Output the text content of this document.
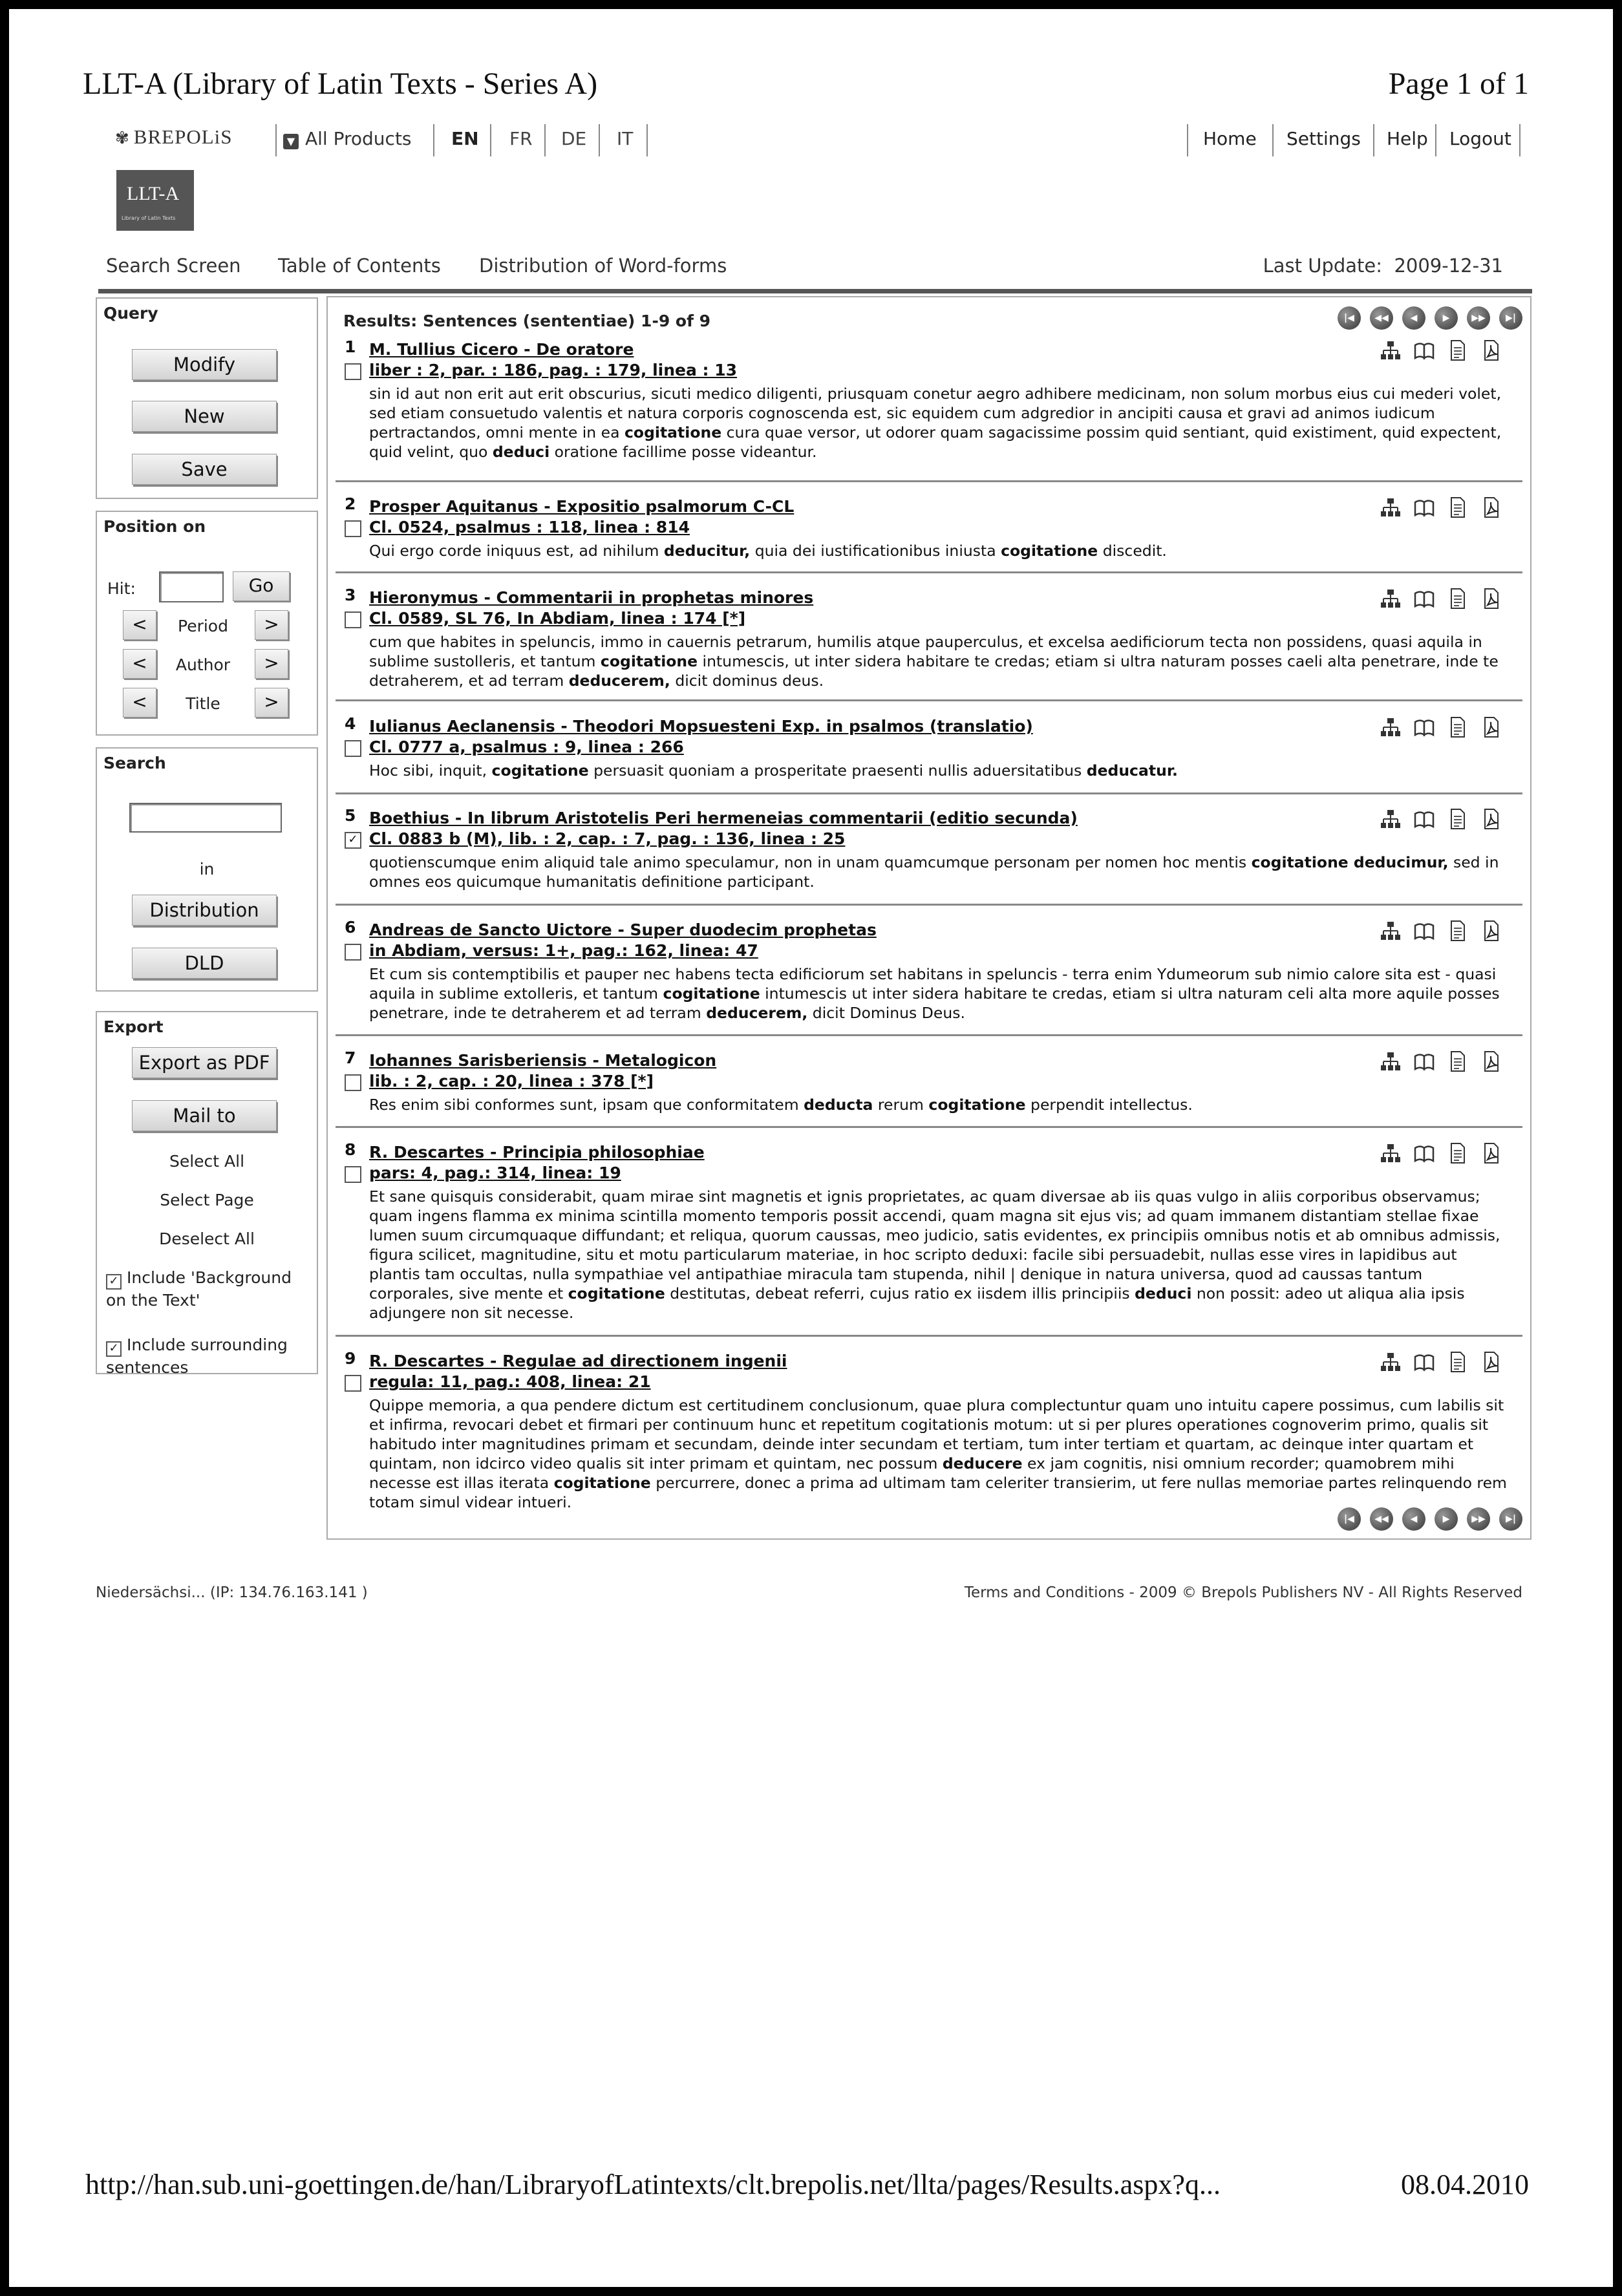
LLT-A (Library of Latin Texts - Series A)	Page 1 of 1
✾ BREPOLiS	▼ All Products EN FR DE IT	Home Settings Help Logout
LLT-A
Library of Latin Texts
Search Screen Table of Contents Distribution of Word-forms	Last Update: 2009-12-31
Query
Modify
New
Save
Position on
Hit:	Go
<	Period	>
<	Author	>
<	Title	>
Search
in
Distribution
DLD
Export
Export as PDF
Mail to
Select All
Select Page
Deselect All
✓ Include 'Background on the Text'
✓ Include surrounding sentences
Results: Sentences (sententiae) 1-9 of 9	|◀	◀◀	◀	▶	▶▶	▶|
1 M. Tullius Cicero - De oratore
liber : 2, par. : 186, pag. : 179, linea : 13
sin id aut non erit aut erit obscurius, sicuti medico diligenti, priusquam conetur aegro adhibere medicinam, non solum morbus eius cui mederi volet, sed etiam consuetudo valentis et natura corporis cognoscenda est, sic equidem cum adgredior in ancipiti causa et gravi ad animos iudicum pertractandos, omni mente in ea cogitatione cura quae versor, ut odorer quam sagacissime possim quid sentiant, quid existiment, quid expectent, quid velint, quo deduci oratione facillime posse videantur.
2 Prosper Aquitanus - Expositio psalmorum C-CL
Cl. 0524, psalmus : 118, linea : 814
Qui ergo corde iniquus est, ad nihilum deducitur, quia dei iustificationibus iniusta cogitatione discedit.
3 Hieronymus - Commentarii in prophetas minores
Cl. 0589, SL 76, In Abdiam, linea : 174 [*]
cum que habites in speluncis, immo in cauernis petrarum, humilis atque pauperculus, et excelsa aedificiorum tecta non possidens, quasi aquila in sublime sustolleris, et tantum cogitatione intumescis, ut inter sidera habitare te credas; etiam si ultra naturam posses caeli alta penetrare, inde te detraherem, et ad terram deducerem, dicit dominus deus.
4 Iulianus Aeclanensis - Theodori Mopsuesteni Exp. in psalmos (translatio)
Cl. 0777 a, psalmus : 9, linea : 266
Hoc sibi, inquit, cogitatione persuasit quoniam a prosperitate praesenti nullis aduersitatibus deducatur.
5 Boethius - In librum Aristotelis Peri hermeneias commentarii (editio secunda)
✓ Cl. 0883 b (M), lib. : 2, cap. : 7, pag. : 136, linea : 25
quotienscumque enim aliquid tale animo speculamur, non in unam quamcumque personam per nomen hoc mentis cogitatione deducimur, sed in omnes eos quicumque humanitatis definitione participant.
6 Andreas de Sancto Uictore - Super duodecim prophetas
in Abdiam, versus: 1+, pag.: 162, linea: 47
Et cum sis contemptibilis et pauper nec habens tecta edificiorum set habitans in speluncis - terra enim Ydumeorum sub nimio calore sita est - quasi aquila in sublime extolleris, et tantum cogitatione intumescis ut inter sidera habitare te credas, etiam si ultra naturam celi alta more aquile posses penetrare, inde te detraherem et ad terram deducerem, dicit Dominus Deus.
7 Iohannes Sarisberiensis - Metalogicon
lib. : 2, cap. : 20, linea : 378 [*]
Res enim sibi conformes sunt, ipsam que conformitatem deducta rerum cogitatione perpendit intellectus.
8 R. Descartes - Principia philosophiae
pars: 4, pag.: 314, linea: 19
Et sane quisquis considerabit, quam mirae sint magnetis et ignis proprietates, ac quam diversae ab iis quas vulgo in aliis corporibus observamus; quam ingens flamma ex minima scintilla momento temporis possit accendi, quam magna sit ejus vis; ad quam immanem distantiam stellae fixae lumen suum circumquaque diffundant; et reliqua, quorum caussas, meo judicio, satis evidentes, ex principiis omnibus notis et ab omnibus admissis, figura scilicet, magnitudine, situ et motu particularum materiae, in hoc scripto deduxi: facile sibi persuadebit, nullas esse vires in lapidibus aut plantis tam occultas, nulla sympathiae vel antipathiae miracula tam stupenda, nihil | denique in natura universa, quod ad caussas tantum corporales, sive mente et cogitatione destitutas, debeat referri, cujus ratio ex iisdem illis principiis deduci non possit: adeo ut aliqua alia ipsis adjungere non sit necesse.
9 R. Descartes - Regulae ad directionem ingenii
regula: 11, pag.: 408, linea: 21
Quippe memoria, a qua pendere dictum est certitudinem conclusionum, quae plura complectuntur quam uno intuitu capere possimus, cum labilis sit et infirma, revocari debet et firmari per continuum hunc et repetitum cogitationis motum: ut si per plures operationes cognoverim primo, qualis sit habitudo inter magnitudines primam et secundam, deinde inter secundam et tertiam, tum inter tertiam et quartam, ac deinque inter quartam et quintam, non idcirco video qualis sit inter primam et quintam, nec possum deducere ex jam cognitis, nisi omnium recorder; quamobrem mihi necesse est illas iterata cogitatione percurrere, donec a prima ad ultimam tam celeriter transierim, ut fere nullas memoriae partes relinquendo rem totam simul videar intueri.
|◀	◀◀	◀	▶	▶▶	▶|
Niedersächsi... (IP: 134.76.163.141 )	Terms and Conditions - 2009 © Brepols Publishers NV - All Rights Reserved
http://han.sub.uni-goettingen.de/han/LibraryofLatintexts/clt.brepolis.net/llta/pages/Results.aspx?q...	08.04.2010
